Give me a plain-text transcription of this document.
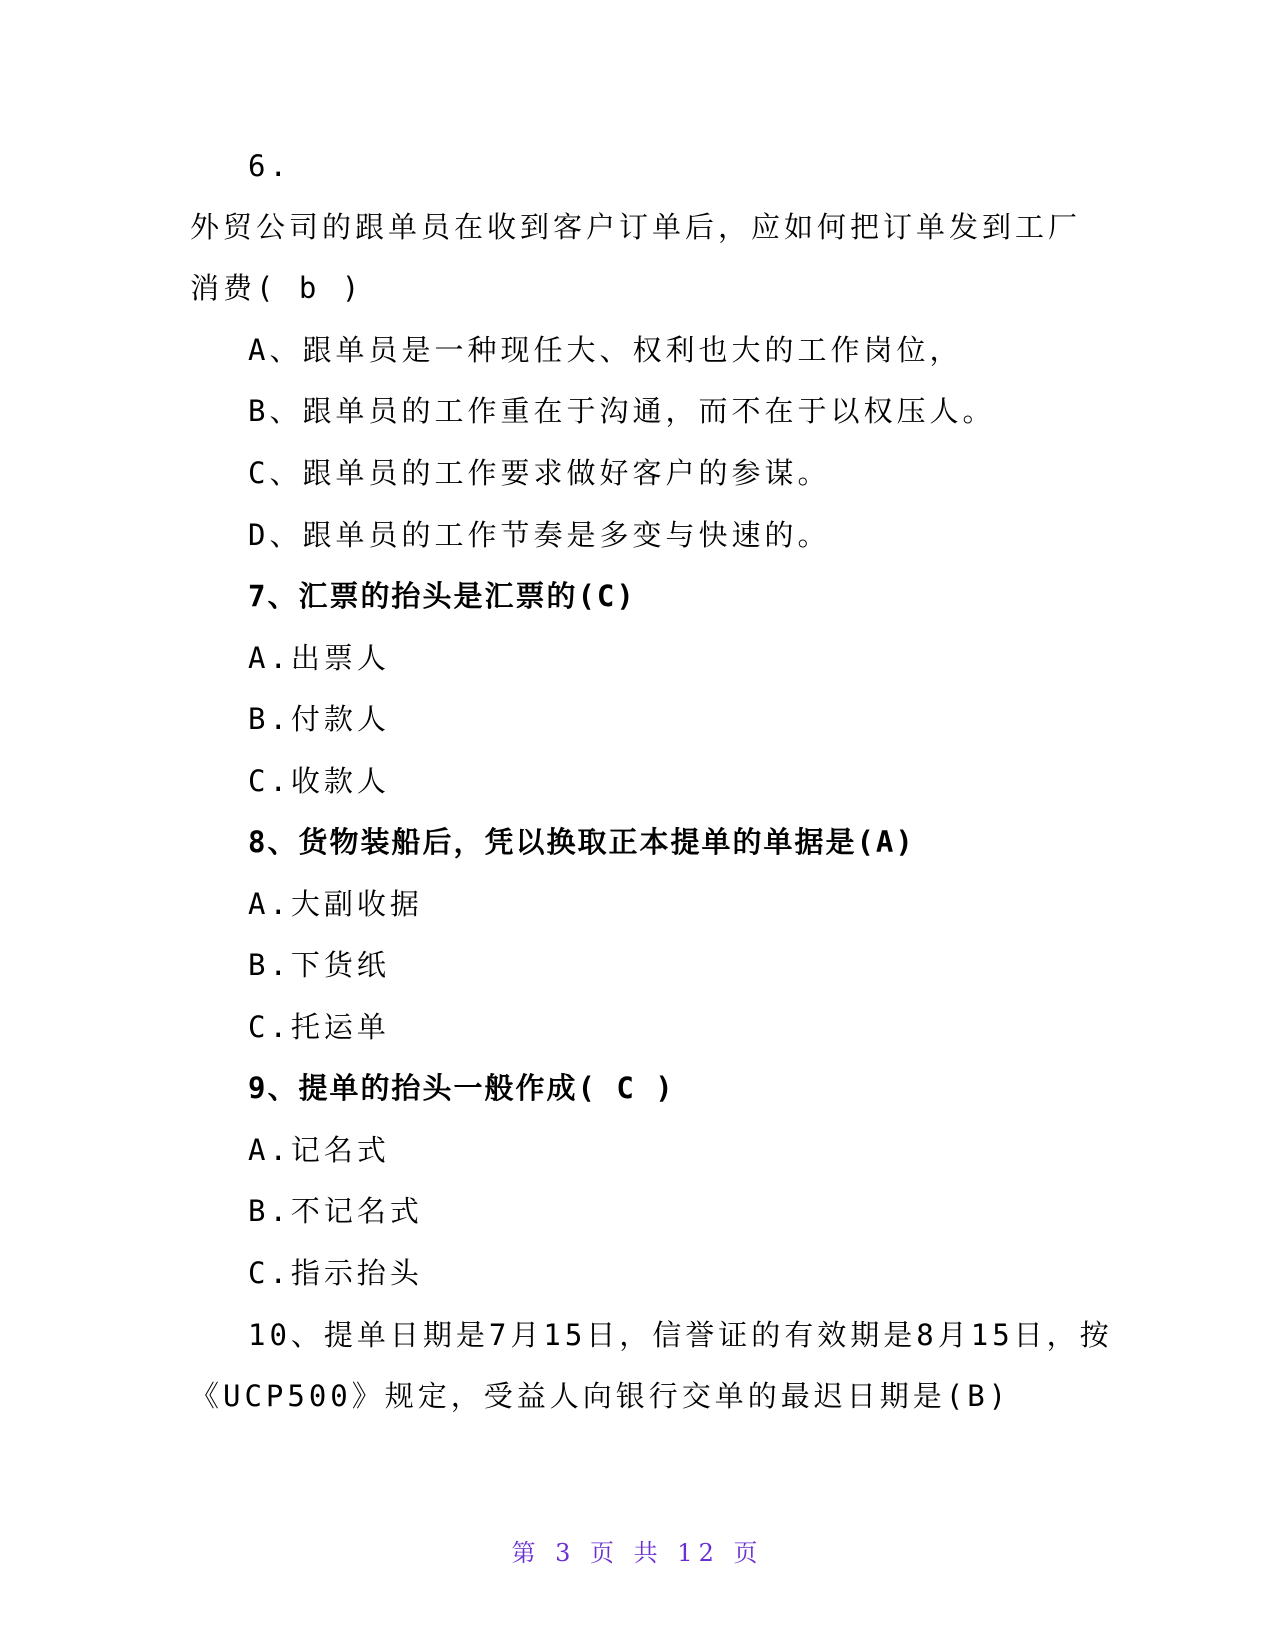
6.
外贸公司的跟单员在收到客户订单后，应如何把订单发到工厂
消费( b )
A、跟单员是一种现任大、权利也大的工作岗位，
B、跟单员的工作重在于沟通，而不在于以权压人。
C、跟单员的工作要求做好客户的参谋。
D、跟单员的工作节奏是多变与快速的。
7、汇票的抬头是汇票的(C)
A.出票人
B.付款人
C.收款人
8、货物装船后，凭以换取正本提单的单据是(A)
A.大副收据
B.下货纸
C.托运单
9、提单的抬头一般作成( C )
A.记名式
B.不记名式
C.指示抬头
10、提单日期是7月15日，信誉证的有效期是8月15日，按
《UCP500》规定，受益人向银行交单的最迟日期是(B)
第 3 页 共 12 页
